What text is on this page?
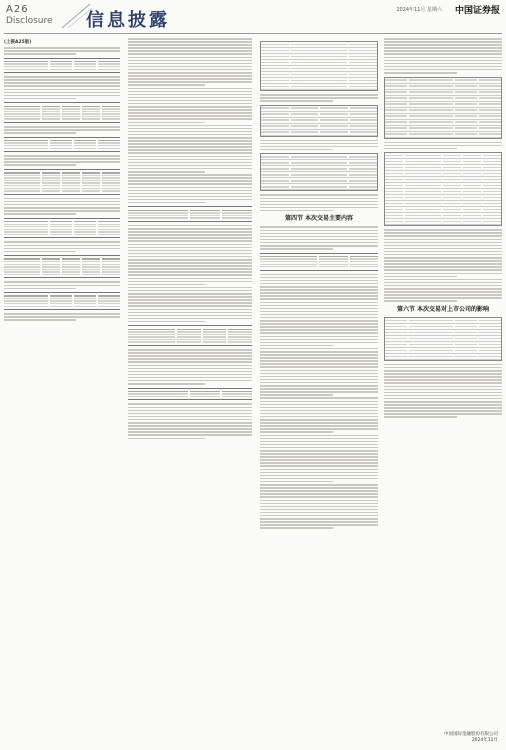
A26
Disclosure 信息披露	2024年11月 星期六 中国证券报
(上接A25版)
第四节 本次交易主要内容
第六节 本次交易对上市公司的影响
中国国际金融股份有限公司
2024年11月
